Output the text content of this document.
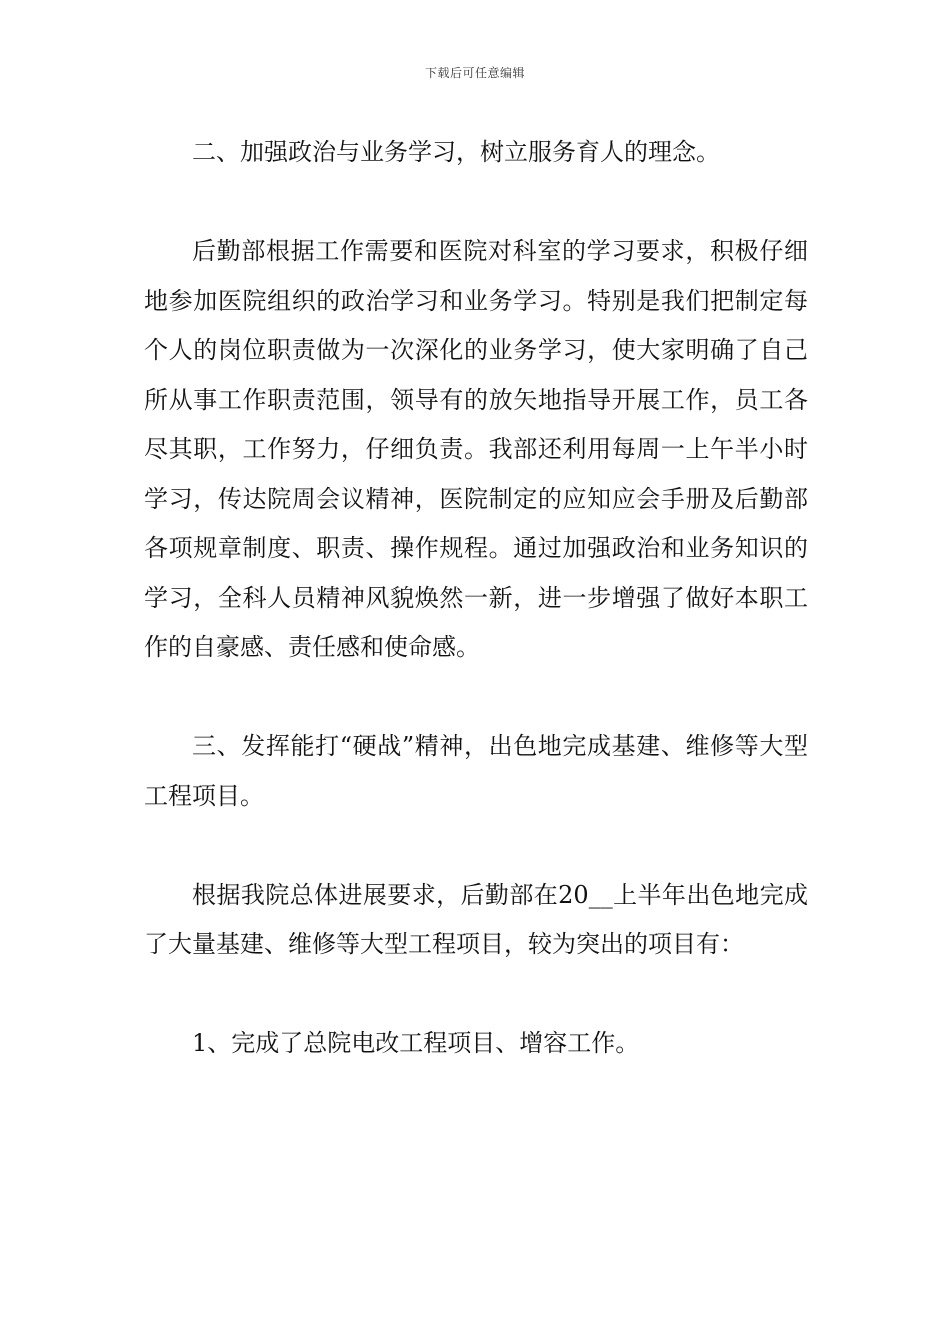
下载后可任意编辑

二、加强政治与业务学习，树立服务育人的理念。

后勤部根据工作需要和医院对科室的学习要求，积极仔细地参加医院组织的政治学习和业务学习。特别是我们把制定每个人的岗位职责做为一次深化的业务学习，使大家明确了自己所从事工作职责范围，领导有的放矢地指导开展工作，员工各尽其职，工作努力，仔细负责。我部还利用每周一上午半小时学习，传达院周会议精神，医院制定的应知应会手册及后勤部各项规章制度、职责、操作规程。通过加强政治和业务知识的学习，全科人员精神风貌焕然一新，进一步增强了做好本职工作的自豪感、责任感和使命感。

三、发挥能打“硬战”精神，出色地完成基建、维修等大型工程项目。

根据我院总体进展要求，后勤部在20__上半年出色地完成了大量基建、维修等大型工程项目，较为突出的项目有：

1、完成了总院电改工程项目、增容工作。
